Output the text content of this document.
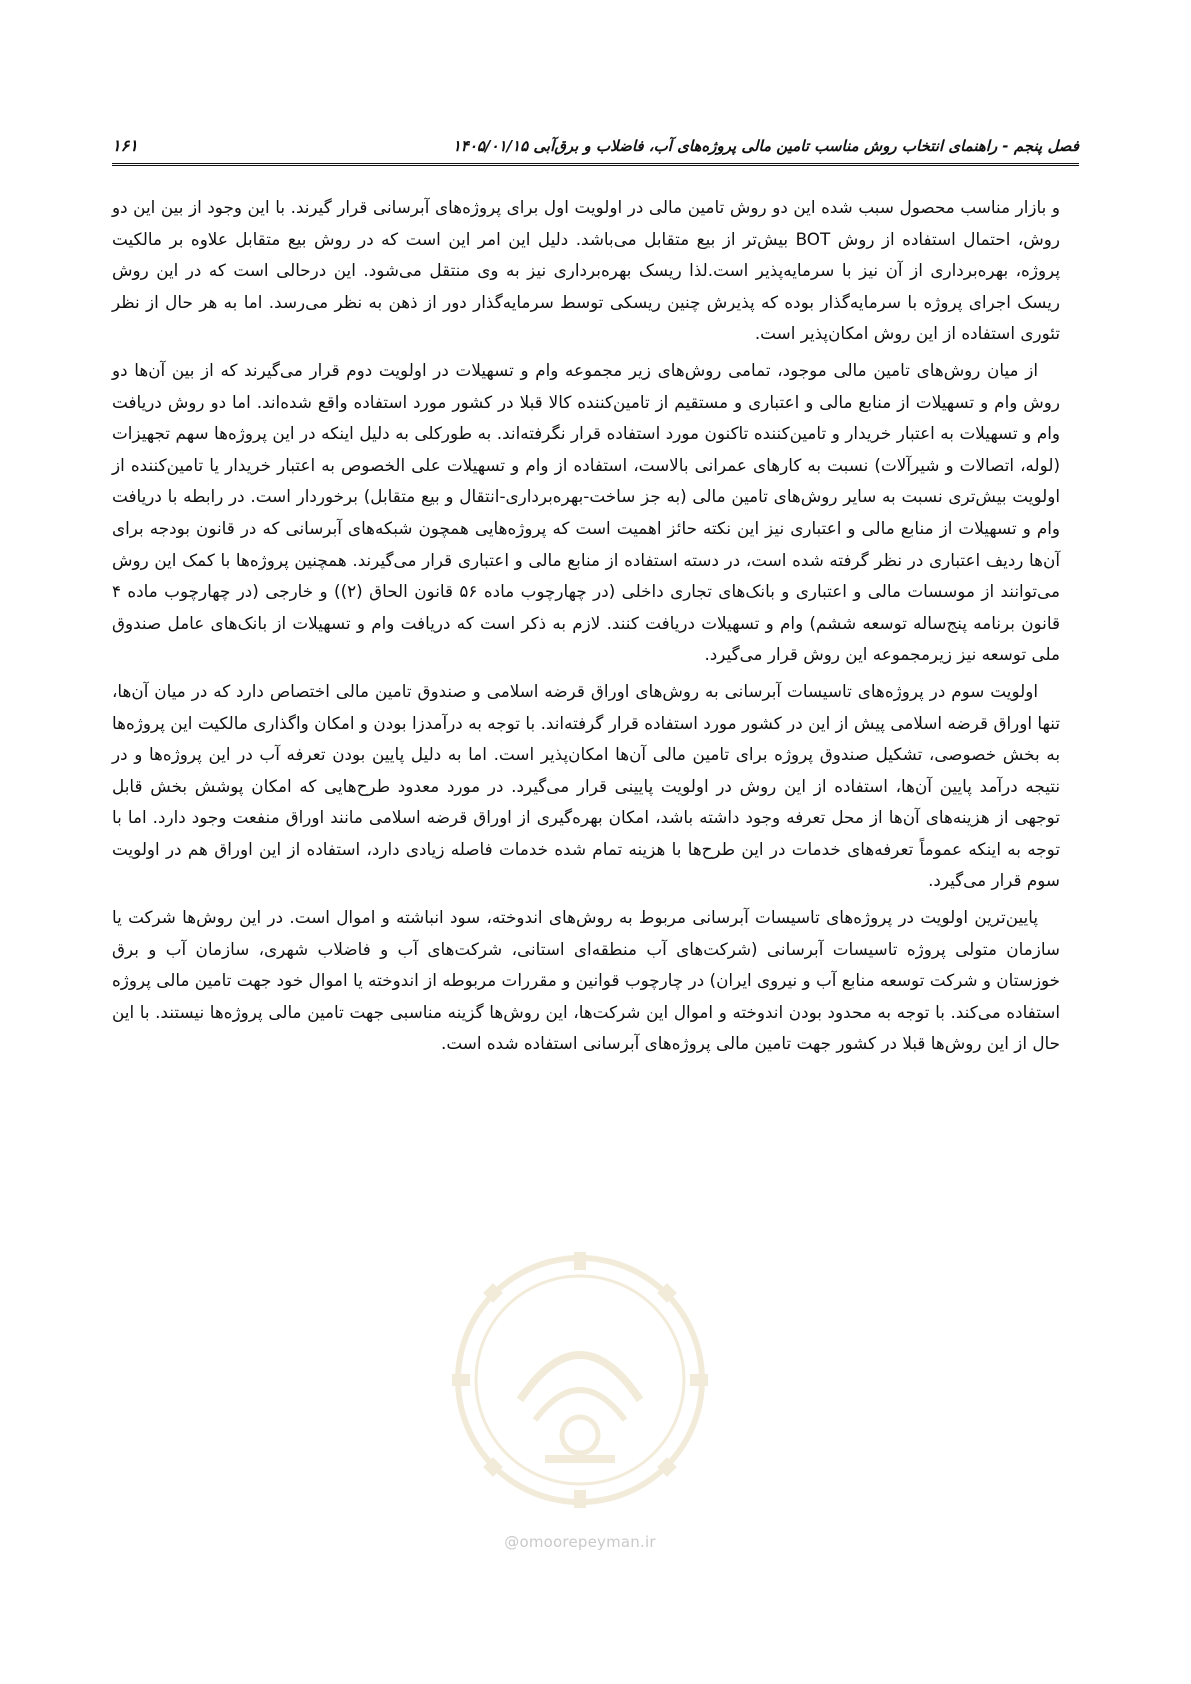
فصل پنجم - راهنمای انتخاب روش مناسب تامین مالی پروژه‌های آب، فاضلاب و برق‌آبی ۱۴۰۵/۰۱/۱۵
۱۶۱

و بازار مناسب محصول سبب شده این دو روش تامین مالی در اولویت اول برای پروژه‌های آبرسانی قرار گیرند. با این وجود از بین این دو روش، احتمال استفاده از روش BOT بیش‌تر از بیع متقابل می‌باشد. دلیل این امر این است که در روش بیع متقابل علاوه بر مالکیت پروژه، بهره‌برداری از آن نیز با سرمایه‌پذیر است.لذا ریسک بهره‌برداری نیز به وی منتقل می‌شود. این درحالی است که در این روش ریسک اجرای پروژه با سرمایه‌گذار بوده که پذیرش چنین ریسکی توسط سرمایه‌گذار دور از ذهن به نظر می‌رسد. اما به هر حال از نظر تئوری استفاده از این روش امکان‌پذیر است.

از میان روش‌های تامین مالی موجود، تمامی روش‌های زیر مجموعه وام و تسهیلات در اولویت دوم قرار می‌گیرند که از بین آن‌ها دو روش وام و تسهیلات از منابع مالی و اعتباری و مستقیم از تامین‌کننده کالا قبلا در کشور مورد استفاده واقع شده‌اند. اما دو روش دریافت وام و تسهیلات به اعتبار خریدار و تامین‌کننده تاکنون مورد استفاده قرار نگرفته‌اند. به طورکلی به دلیل اینکه در این پروژه‌ها سهم تجهیزات (لوله، اتصالات و شیرآلات) نسبت به کارهای عمرانی بالاست، استفاده از وام و تسهیلات علی الخصوص به اعتبار خریدار یا تامین‌کننده از اولویت بیش‌تری نسبت به سایر روش‌های تامین مالی (به جز ساخت-بهره‌برداری-انتقال و بیع متقابل) برخوردار است. در رابطه با دریافت وام و تسهیلات از منابع مالی و اعتباری نیز این نکته حائز اهمیت است که پروژه‌هایی همچون شبکه‌های آبرسانی که در قانون بودجه برای آن‌ها ردیف اعتباری در نظر گرفته شده است، در دسته استفاده از منابع مالی و اعتباری قرار می‌گیرند. همچنین پروژه‌ها با کمک این روش می‌توانند از موسسات مالی و اعتباری و بانک‌های تجاری داخلی (در چهارچوب ماده ۵۶ قانون الحاق (۲)) و خارجی (در چهارچوب ماده ۴ قانون برنامه پنج‌ساله توسعه ششم) وام و تسهیلات دریافت کنند. لازم به ذکر است که دریافت وام و تسهیلات از بانک‌های عامل صندوق ملی توسعه نیز زیرمجموعه این روش قرار می‌گیرد.

اولویت سوم در پروژه‌های تاسیسات آبرسانی به روش‌های اوراق قرضه اسلامی و صندوق تامین مالی اختصاص دارد که در میان آن‌ها، تنها اوراق قرضه اسلامی پیش از این در کشور مورد استفاده قرار گرفته‌اند. با توجه به درآمدزا بودن و امکان واگذاری مالکیت این پروژه‌ها به بخش خصوصی، تشکیل صندوق پروژه برای تامین مالی آن‌ها امکان‌پذیر است. اما به دلیل پایین بودن تعرفه آب در این پروژه‌ها و در نتیجه درآمد پایین آن‌ها، استفاده از این روش در اولویت پایینی قرار می‌گیرد. در مورد معدود طرح‌هایی که امکان پوشش بخش قابل توجهی از هزینه‌های آن‌ها از محل تعرفه وجود داشته باشد، امکان بهره‌گیری از اوراق قرضه اسلامی مانند اوراق منفعت وجود دارد. اما با توجه به اینکه عموماً تعرفه‌های خدمات در این طرح‌ها با هزینه تمام شده خدمات فاصله زیادی دارد، استفاده از این اوراق هم در اولویت سوم قرار می‌گیرد.

پایین‌ترین اولویت در پروژه‌های تاسیسات آبرسانی مربوط به روش‌های اندوخته، سود انباشته و اموال است. در این روش‌ها شرکت یا سازمان متولی پروژه تاسیسات آبرسانی (شرکت‌های آب منطقه‌ای استانی، شرکت‌های آب و فاضلاب شهری، سازمان آب و برق خوزستان و شرکت توسعه منابع آب و نیروی ایران) در چارچوب قوانین و مقررات مربوطه از اندوخته یا اموال خود جهت تامین مالی پروژه استفاده می‌کند. با توجه به محدود بودن اندوخته و اموال این شرکت‌ها، این روش‌ها گزینه مناسبی جهت تامین مالی پروژه‌ها نیستند. با این حال از این روش‌ها قبلا در کشور جهت تامین مالی پروژه‌های آبرسانی استفاده شده است.

@omoorepeyman.ir
